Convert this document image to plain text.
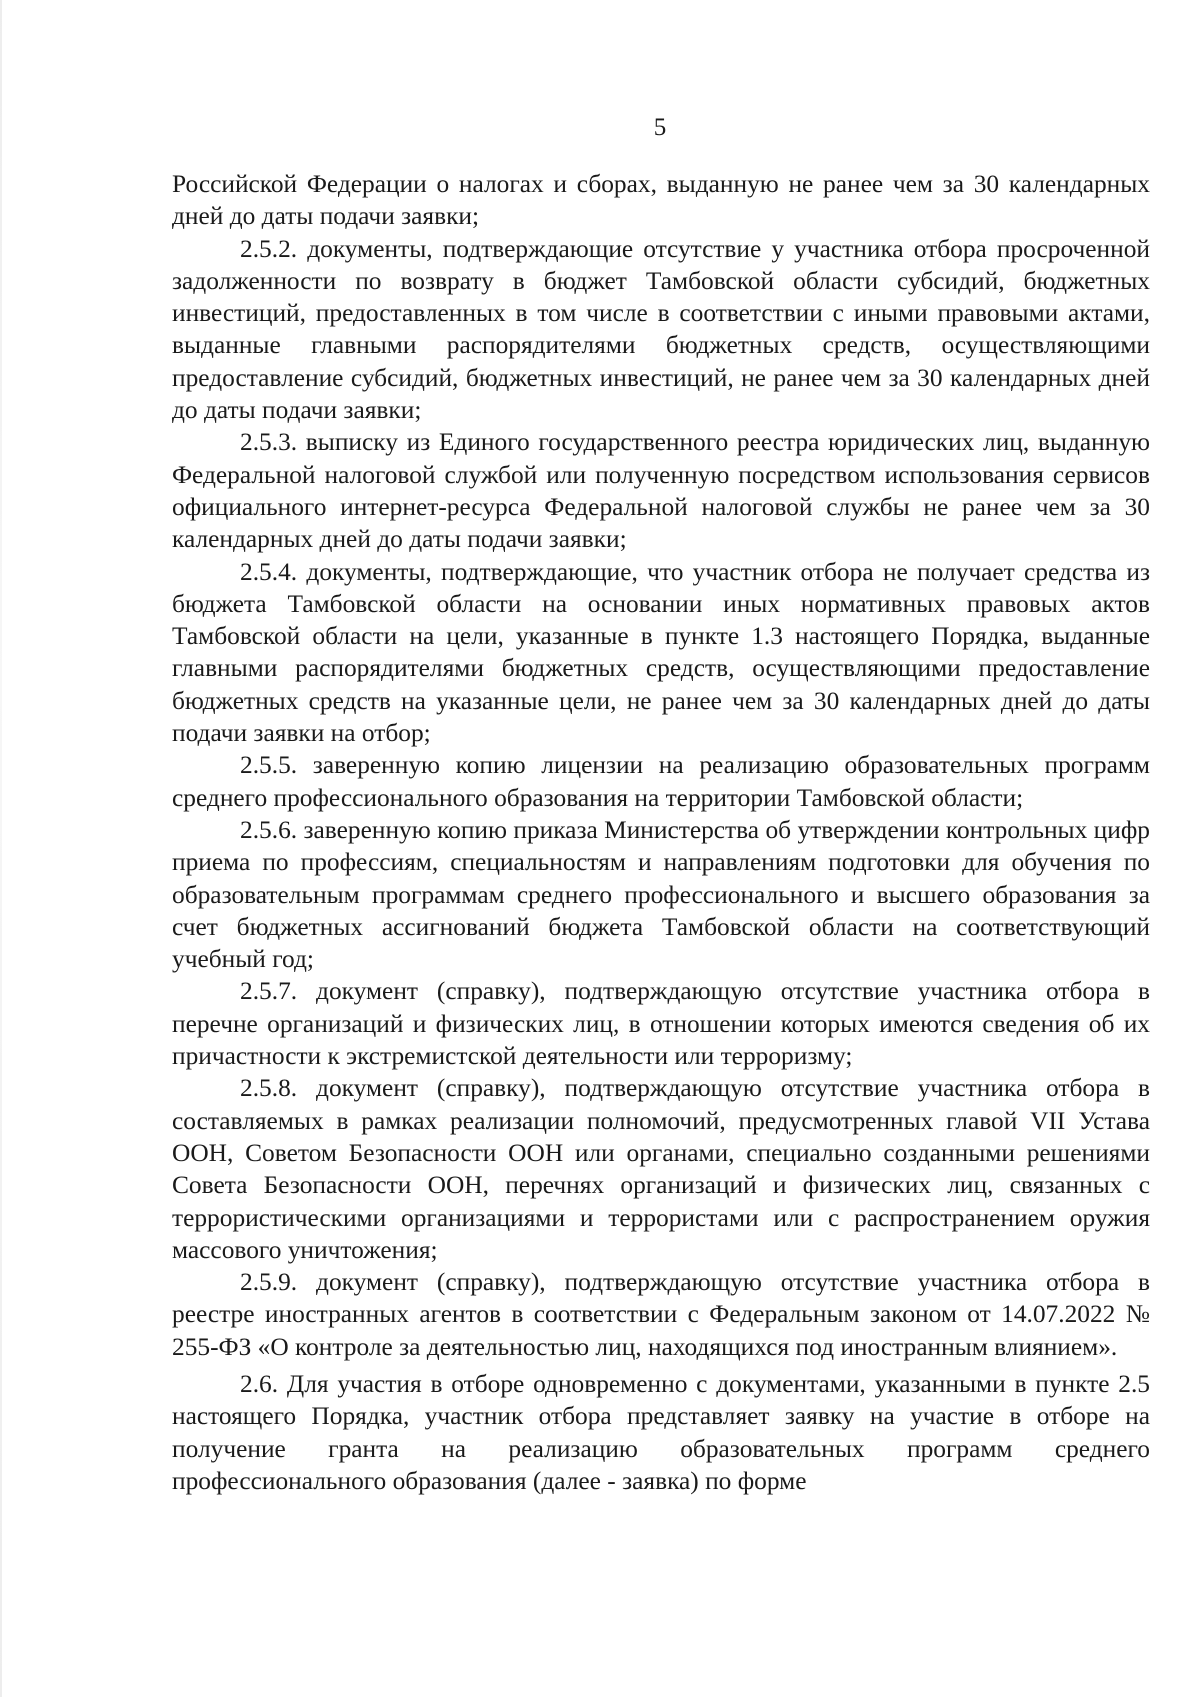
5

Российской Федерации о налогах и сборах, выданную не ранее чем за 30 календарных дней до даты подачи заявки;

2.5.2. документы, подтверждающие отсутствие у участника отбора просроченной задолженности по возврату в бюджет Тамбовской области субсидий, бюджетных инвестиций, предоставленных в том числе в соответствии с иными правовыми актами, выданные главными распорядителями бюджетных средств, осуществляющими предоставление субсидий, бюджетных инвестиций, не ранее чем за 30 календарных дней до даты подачи заявки;

2.5.3. выписку из Единого государственного реестра юридических лиц, выданную Федеральной налоговой службой или полученную посредством использования сервисов официального интернет-ресурса Федеральной налоговой службы не ранее чем за 30 календарных дней до даты подачи заявки;

2.5.4. документы, подтверждающие, что участник отбора не получает средства из бюджета Тамбовской области на основании иных нормативных правовых актов Тамбовской области на цели, указанные в пункте 1.3 настоящего Порядка, выданные главными распорядителями бюджетных средств, осуществляющими предоставление бюджетных средств на указанные цели, не ранее чем за 30 календарных дней до даты подачи заявки на отбор;

2.5.5. заверенную копию лицензии на реализацию образовательных программ среднего профессионального образования на территории Тамбовской области;

2.5.6. заверенную копию приказа Министерства об утверждении контрольных цифр приема по профессиям, специальностям и направлениям подготовки для обучения по образовательным программам среднего профессионального и высшего образования за счет бюджетных ассигнований бюджета Тамбовской области на соответствующий учебный год;

2.5.7. документ (справку), подтверждающую отсутствие участника отбора в перечне организаций и физических лиц, в отношении которых имеются сведения об их причастности к экстремистской деятельности или терроризму;

2.5.8. документ (справку), подтверждающую отсутствие участника отбора в составляемых в рамках реализации полномочий, предусмотренных главой VII Устава ООН, Советом Безопасности ООН или органами, специально созданными решениями Совета Безопасности ООН, перечнях организаций и физических лиц, связанных с террористическими организациями и террористами или с распространением оружия массового уничтожения;

2.5.9. документ (справку), подтверждающую отсутствие участника отбора в реестре иностранных агентов в соответствии с Федеральным законом от 14.07.2022 № 255-ФЗ «О контроле за деятельностью лиц, находящихся под иностранным влиянием».

2.6. Для участия в отборе одновременно с документами, указанными в пункте 2.5 настоящего Порядка, участник отбора представляет заявку на участие в отборе на получение гранта на реализацию образовательных программ среднего профессионального образования (далее - заявка) по форме
